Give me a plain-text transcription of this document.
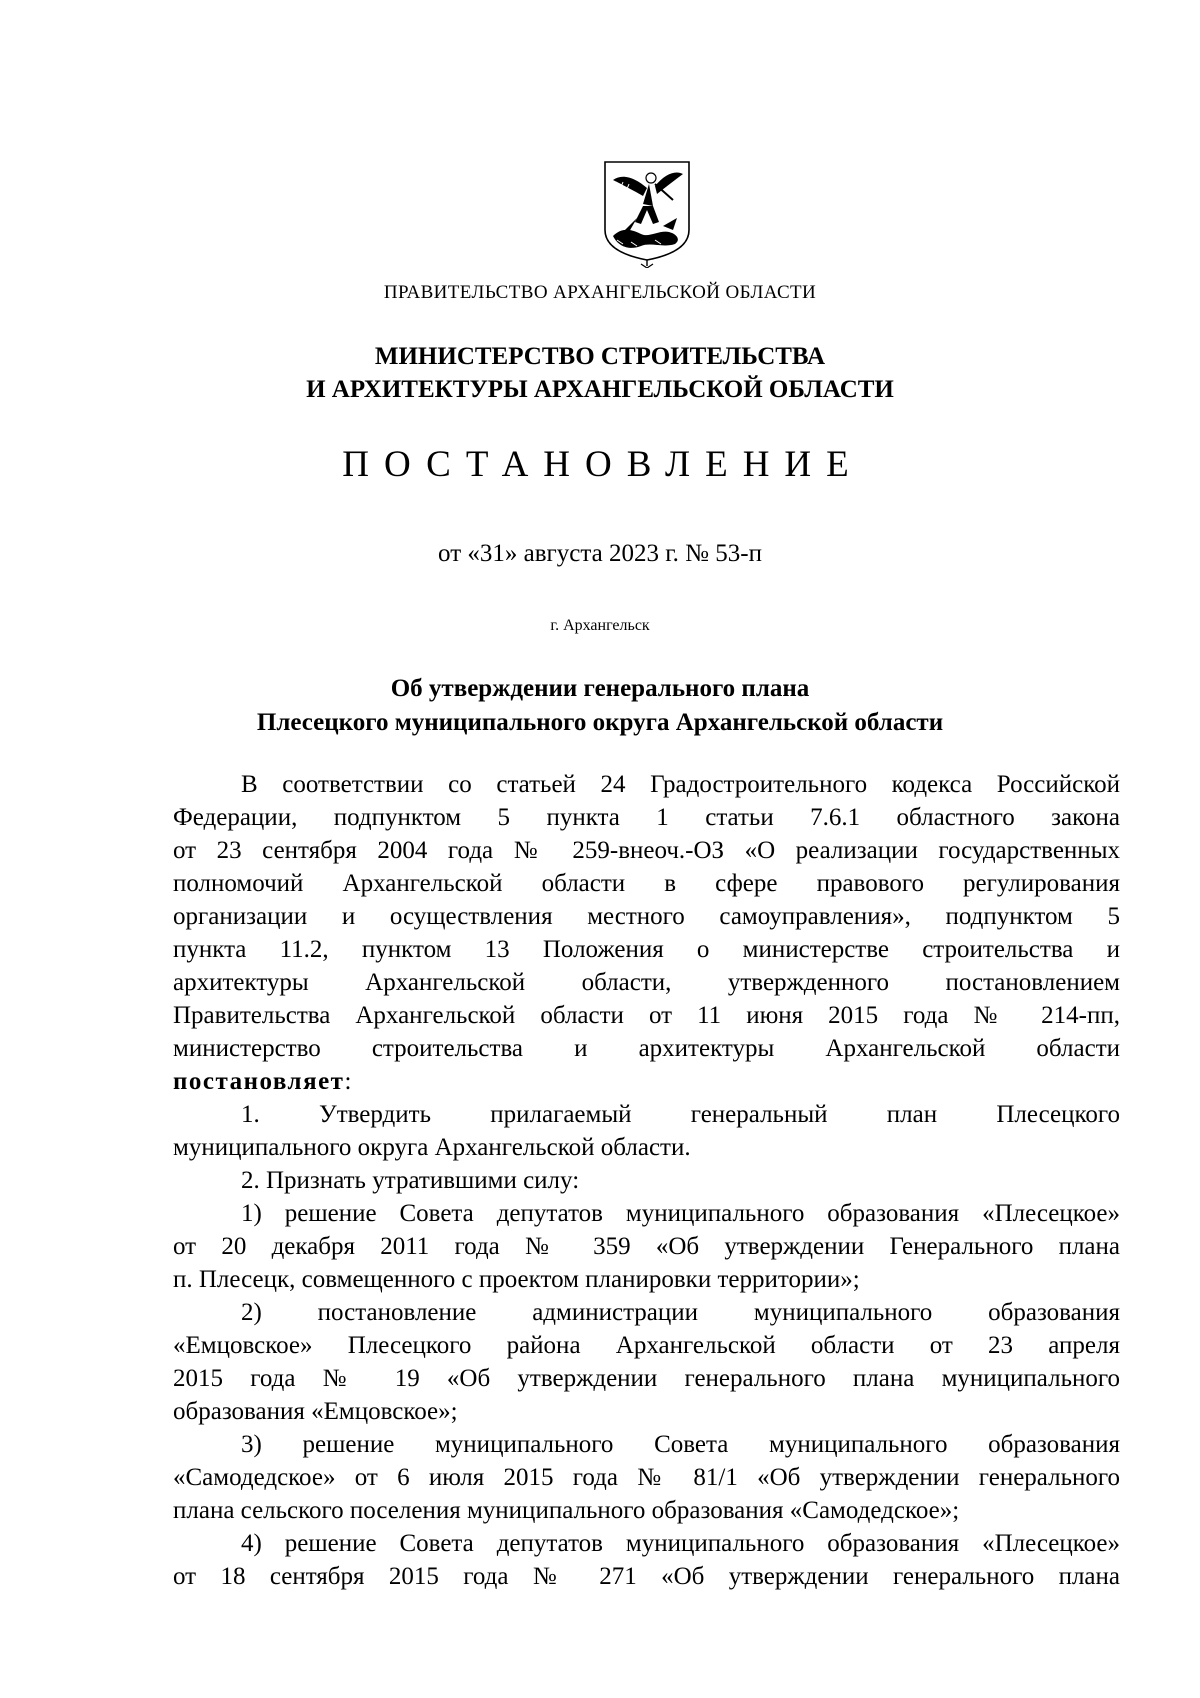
ПРАВИТЕЛЬСТВО АРХАНГЕЛЬСКОЙ ОБЛАСТИ
МИНИСТЕРСТВО СТРОИТЕЛЬСТВА
И АРХИТЕКТУРЫ АРХАНГЕЛЬСКОЙ ОБЛАСТИ
ПОСТАНОВЛЕНИЕ
от «31» августа 2023 г. № 53-п
г. Архангельск
Об утверждении генерального плана
Плесецкого муниципального округа Архангельской области

В соответствии со статьей 24 Градостроительного кодекса Российской
Федерации, подпунктом 5 пункта 1 статьи 7.6.1 областного закона
от 23 сентября 2004 года № 259-внеоч.-ОЗ «О реализации государственных
полномочий Архангельской области в сфере правового регулирования
организации и осуществления местного самоуправления», подпунктом 5
пункта 11.2, пунктом 13 Положения о министерстве строительства и
архитектуры Архангельской области, утвержденного постановлением
Правительства Архангельской области от 11 июня 2015 года № 214-пп,
министерство строительства и архитектуры Архангельской области
постановляет:

1. Утвердить прилагаемый генеральный план Плесецкого
муниципального округа Архангельской области.

2. Признать утратившими силу:

1) решение Совета депутатов муниципального образования «Плесецкое»
от 20 декабря 2011 года № 359 «Об утверждении Генерального плана
п. Плесецк, совмещенного с проектом планировки территории»;

2) постановление администрации муниципального образования
«Емцовское» Плесецкого района Архангельской области от 23 апреля
2015 года № 19 «Об утверждении генерального плана муниципального
образования «Емцовское»;

3) решение муниципального Совета муниципального образования
«Самодедское» от 6 июля 2015 года № 81/1 «Об утверждении генерального
плана сельского поселения муниципального образования «Самодедское»;

4) решение Совета депутатов муниципального образования «Плесецкое»
от 18 сентября 2015 года № 271 «Об утверждении генерального плана
